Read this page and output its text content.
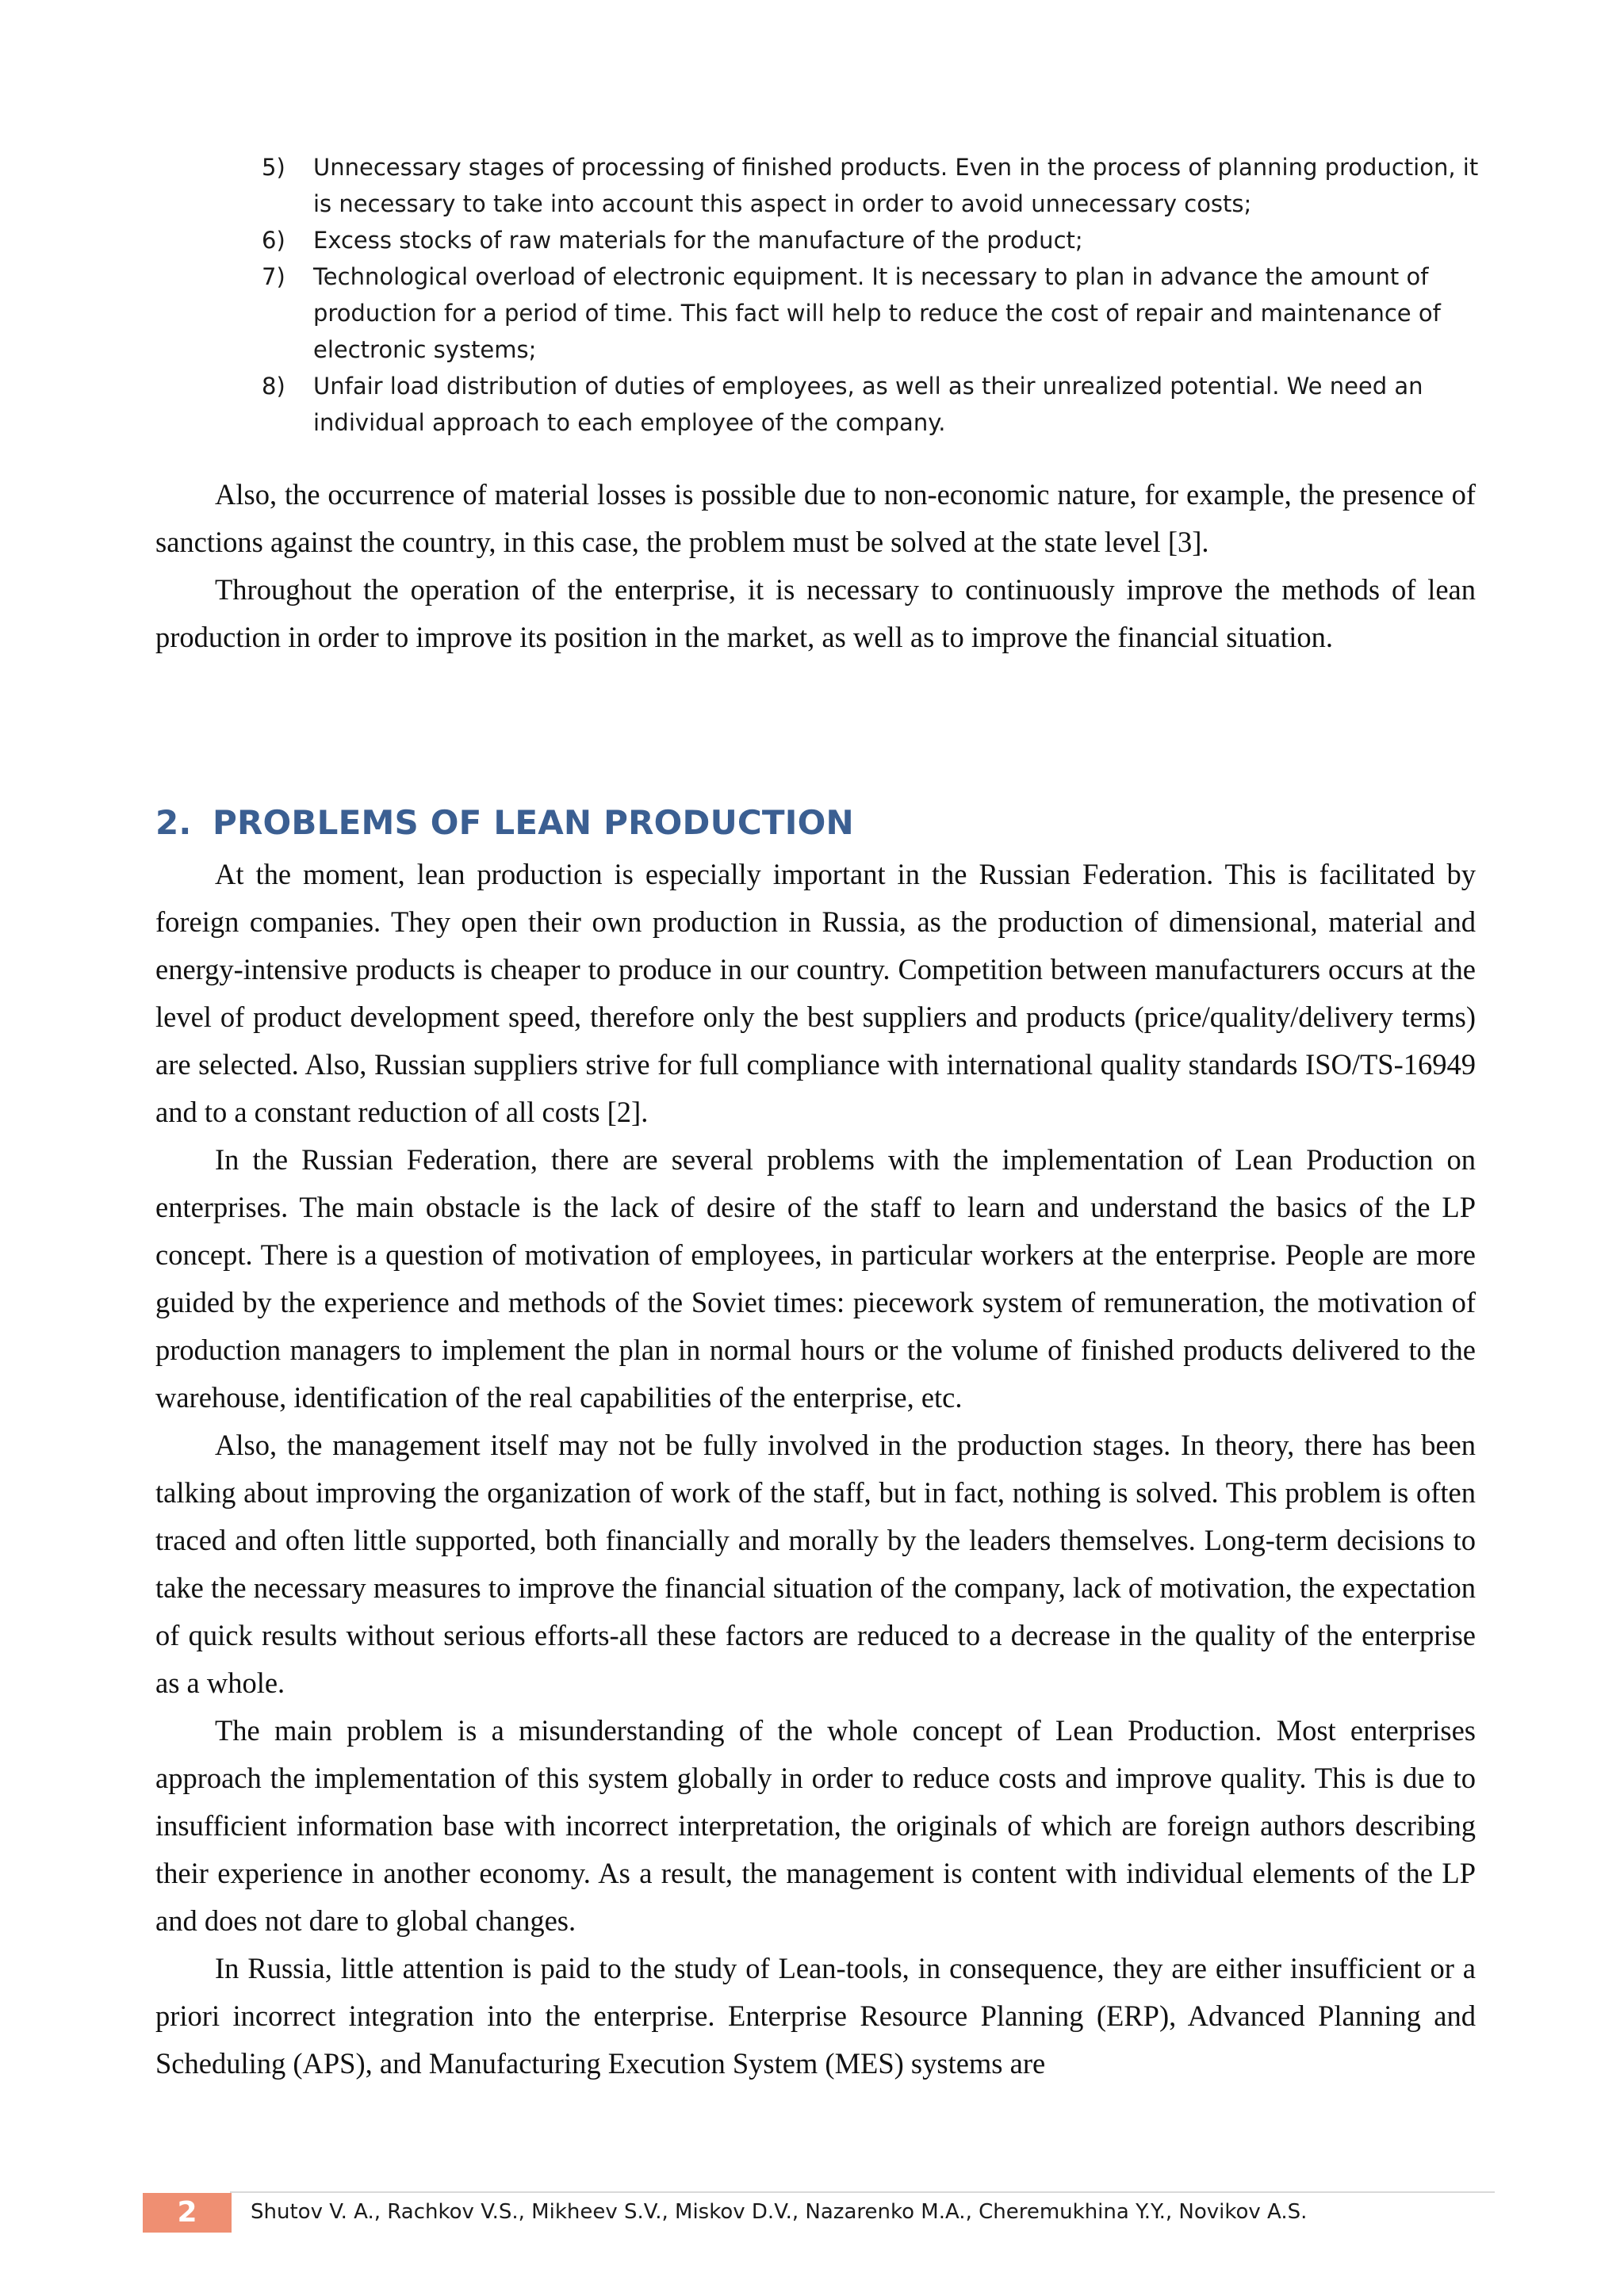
5) Unnecessary stages of processing of finished products. Even in the process of planning production, it is necessary to take into account this aspect in order to avoid unnecessary costs;
6) Excess stocks of raw materials for the manufacture of the product;
7) Technological overload of electronic equipment. It is necessary to plan in advance the amount of production for a period of time. This fact will help to reduce the cost of repair and maintenance of electronic systems;
8) Unfair load distribution of duties of employees, as well as their unrealized potential. We need an individual approach to each employee of the company.

Also, the occurrence of material losses is possible due to non-economic nature, for example, the presence of sanctions against the country, in this case, the problem must be solved at the state level [3].

Throughout the operation of the enterprise, it is necessary to continuously improve the methods of lean production in order to improve its position in the market, as well as to improve the financial situation.

2. PROBLEMS OF LEAN PRODUCTION

At the moment, lean production is especially important in the Russian Federation. This is facilitated by foreign companies. They open their own production in Russia, as the production of dimensional, material and energy-intensive products is cheaper to produce in our country. Competition between manufacturers occurs at the level of product development speed, therefore only the best suppliers and products (price/quality/delivery terms) are selected. Also, Russian suppliers strive for full compliance with international quality standards ISO/TS-16949 and to a constant reduction of all costs [2].

In the Russian Federation, there are several problems with the implementation of Lean Production on enterprises. The main obstacle is the lack of desire of the staff to learn and understand the basics of the LP concept. There is a question of motivation of employees, in particular workers at the enterprise. People are more guided by the experience and methods of the Soviet times: piecework system of remuneration, the motivation of production managers to implement the plan in normal hours or the volume of finished products delivered to the warehouse, identification of the real capabilities of the enterprise, etc.

Also, the management itself may not be fully involved in the production stages. In theory, there has been talking about improving the organization of work of the staff, but in fact, nothing is solved. This problem is often traced and often little supported, both financially and morally by the leaders themselves. Long-term decisions to take the necessary measures to improve the financial situation of the company, lack of motivation, the expectation of quick results without serious efforts-all these factors are reduced to a decrease in the quality of the enterprise as a whole.

The main problem is a misunderstanding of the whole concept of Lean Production. Most enterprises approach the implementation of this system globally in order to reduce costs and improve quality. This is due to insufficient information base with incorrect interpretation, the originals of which are foreign authors describing their experience in another economy. As a result, the management is content with individual elements of the LP and does not dare to global changes.

In Russia, little attention is paid to the study of Lean-tools, in consequence, they are either insufficient or a priori incorrect integration into the enterprise. Enterprise Resource Planning (ERP), Advanced Planning and Scheduling (APS), and Manufacturing Execution System (MES) systems are

2	Shutov V. A., Rachkov V.S., Mikheev S.V., Miskov D.V., Nazarenko M.A., Cheremukhina Y.Y., Novikov A.S.
